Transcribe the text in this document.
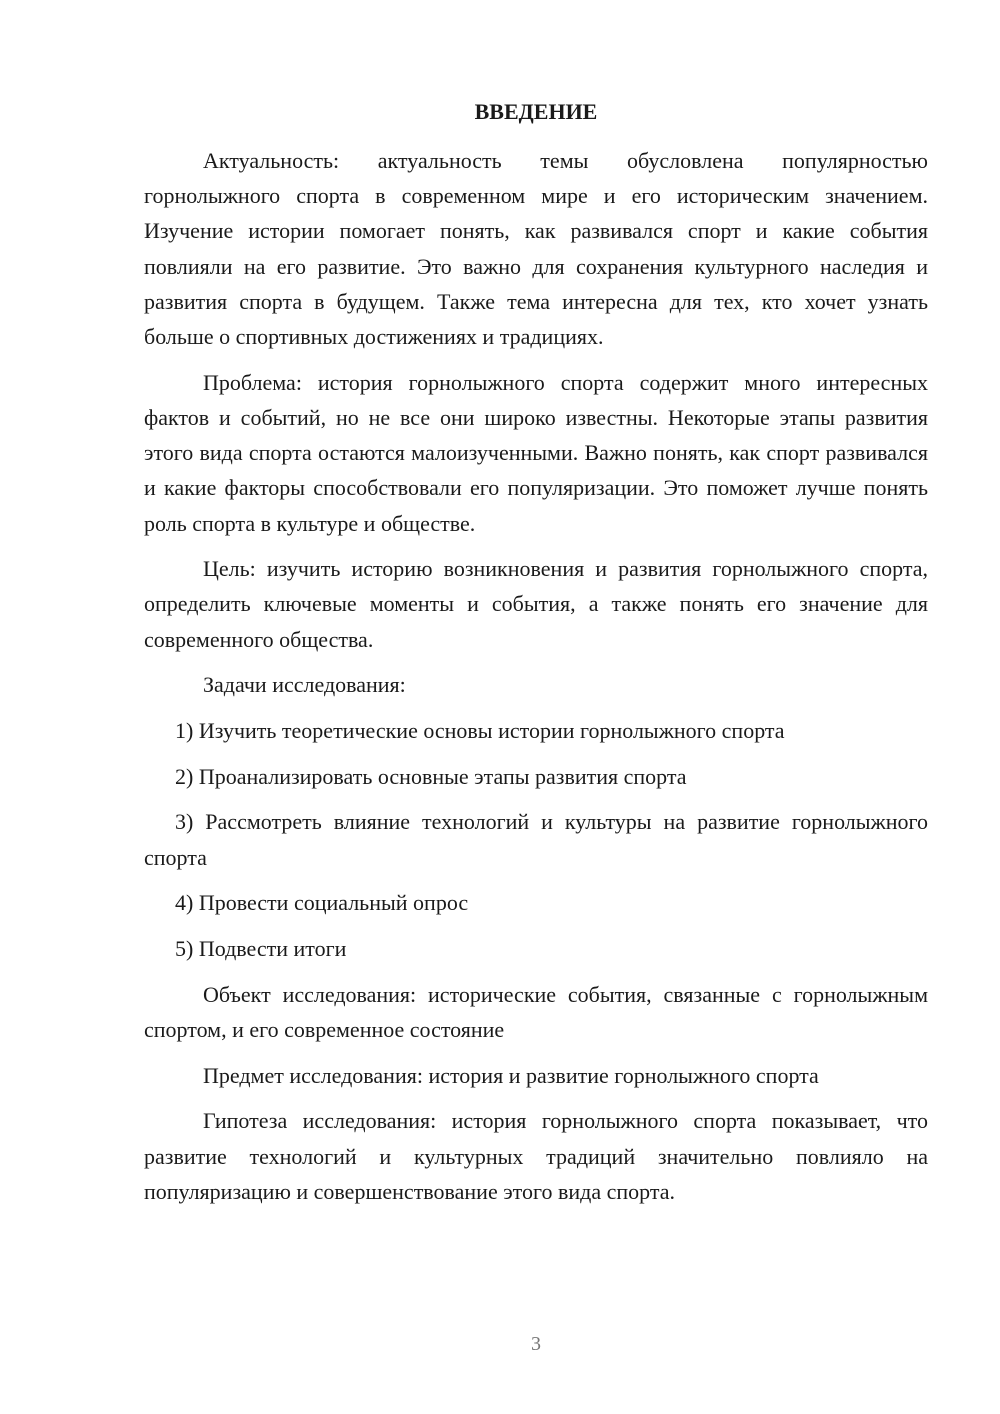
ВВЕДЕНИЕ

Актуальность: актуальность темы обусловлена популярностью горнолыжного спорта в современном мире и его историческим значением. Изучение истории помогает понять, как развивался спорт и какие события повлияли на его развитие. Это важно для сохранения культурного наследия и развития спорта в будущем. Также тема интересна для тех, кто хочет узнать больше о спортивных достижениях и традициях.

Проблема: история горнолыжного спорта содержит много интересных фактов и событий, но не все они широко известны. Некоторые этапы развития этого вида спорта остаются малоизученными. Важно понять, как спорт развивался и какие факторы способствовали его популяризации. Это поможет лучше понять роль спорта в культуре и обществе.

Цель: изучить историю возникновения и развития горнолыжного спорта, определить ключевые моменты и события, а также понять его значение для современного общества.

Задачи исследования:

1) Изучить теоретические основы истории горнолыжного спорта

2) Проанализировать основные этапы развития спорта

3) Рассмотреть влияние технологий и культуры на развитие горнолыжного спорта

4) Провести социальный опрос

5) Подвести итоги

Объект исследования: исторические события, связанные с горнолыжным спортом, и его современное состояние

Предмет исследования: история и развитие горнолыжного спорта

Гипотеза исследования: история горнолыжного спорта показывает, что развитие технологий и культурных традиций значительно повлияло на популяризацию и совершенствование этого вида спорта.

3
